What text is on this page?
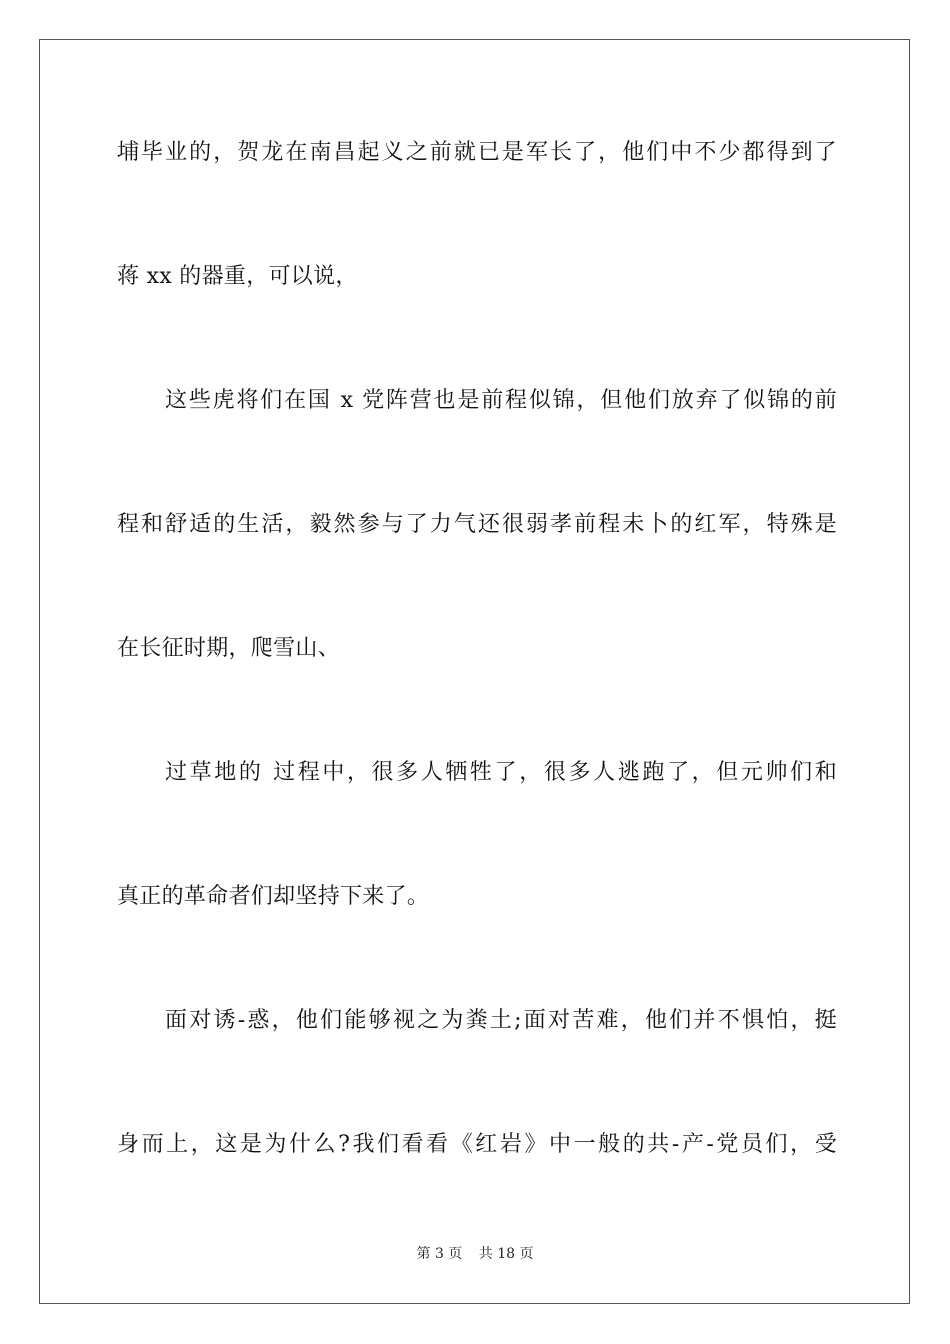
埔毕业的，贺龙在南昌起义之前就已是军长了，他们中不少都得到了
蒋 xx 的器重，可以说，
这些虎将们在国 x 党阵营也是前程似锦，但他们放弃了似锦的前
程和舒适的生活，毅然参与了力气还很弱孝前程未卜的红军，特殊是
在长征时期，爬雪山、
过草地的 过程中，很多人牺牲了，很多人逃跑了，但元帅们和
真正的革命者们却坚持下来了。
面对诱-惑，他们能够视之为粪土;面对苦难，他们并不惧怕，挺
身而上，这是为什么?我们看看《红岩》中一般的共-产-党员们，受
第 3 页 共 18 页
